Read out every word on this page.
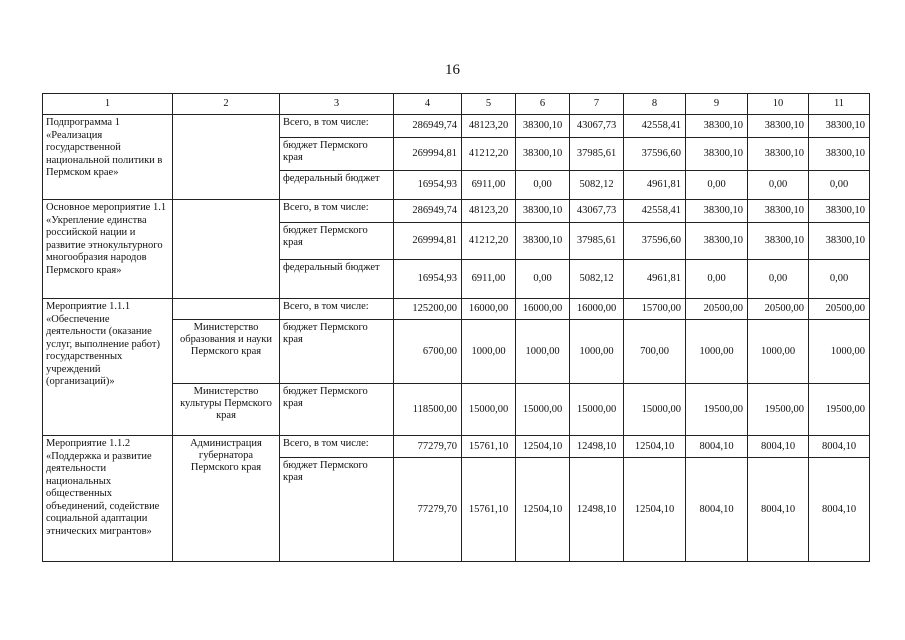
16
1	2	3	4	5	6	7	8	9	10	11
Подпрограмма 1 «Реализация государственной национальной политики в Пермском крае»		Всего, в том числе:	286949,74	48123,20	38300,10	43067,73	42558,41	38300,10	38300,10	38300,10
		бюджет Пермского края	269994,81	41212,20	38300,10	37985,61	37596,60	38300,10	38300,10	38300,10
		федеральный бюджет	16954,93	6911,00	0,00	5082,12	4961,81	0,00	0,00	0,00
Основное мероприятие 1.1 «Укрепление единства российской нации и развитие этнокультурного многообразия народов Пермского края»		Всего, в том числе:	286949,74	48123,20	38300,10	43067,73	42558,41	38300,10	38300,10	38300,10
		бюджет Пермского края	269994,81	41212,20	38300,10	37985,61	37596,60	38300,10	38300,10	38300,10
		федеральный бюджет	16954,93	6911,00	0,00	5082,12	4961,81	0,00	0,00	0,00
Мероприятие 1.1.1 «Обеспечение деятельности (оказание услуг, выполнение работ) государственных учреждений (организаций)»		Всего, в том числе:	125200,00	16000,00	16000,00	16000,00	15700,00	20500,00	20500,00	20500,00
	Министерство образования и науки Пермского края	бюджет Пермского края	6700,00	1000,00	1000,00	1000,00	700,00	1000,00	1000,00	1000,00
	Министерство культуры Пермского края	бюджет Пермского края	118500,00	15000,00	15000,00	15000,00	15000,00	19500,00	19500,00	19500,00
Мероприятие 1.1.2 «Поддержка и развитие деятельности национальных общественных объединений, содействие социальной адаптации этнических мигрантов»	Администрация губернатора Пермского края	Всего, в том числе:	77279,70	15761,10	12504,10	12498,10	12504,10	8004,10	8004,10	8004,10
		бюджет Пермского края	77279,70	15761,10	12504,10	12498,10	12504,10	8004,10	8004,10	8004,10
